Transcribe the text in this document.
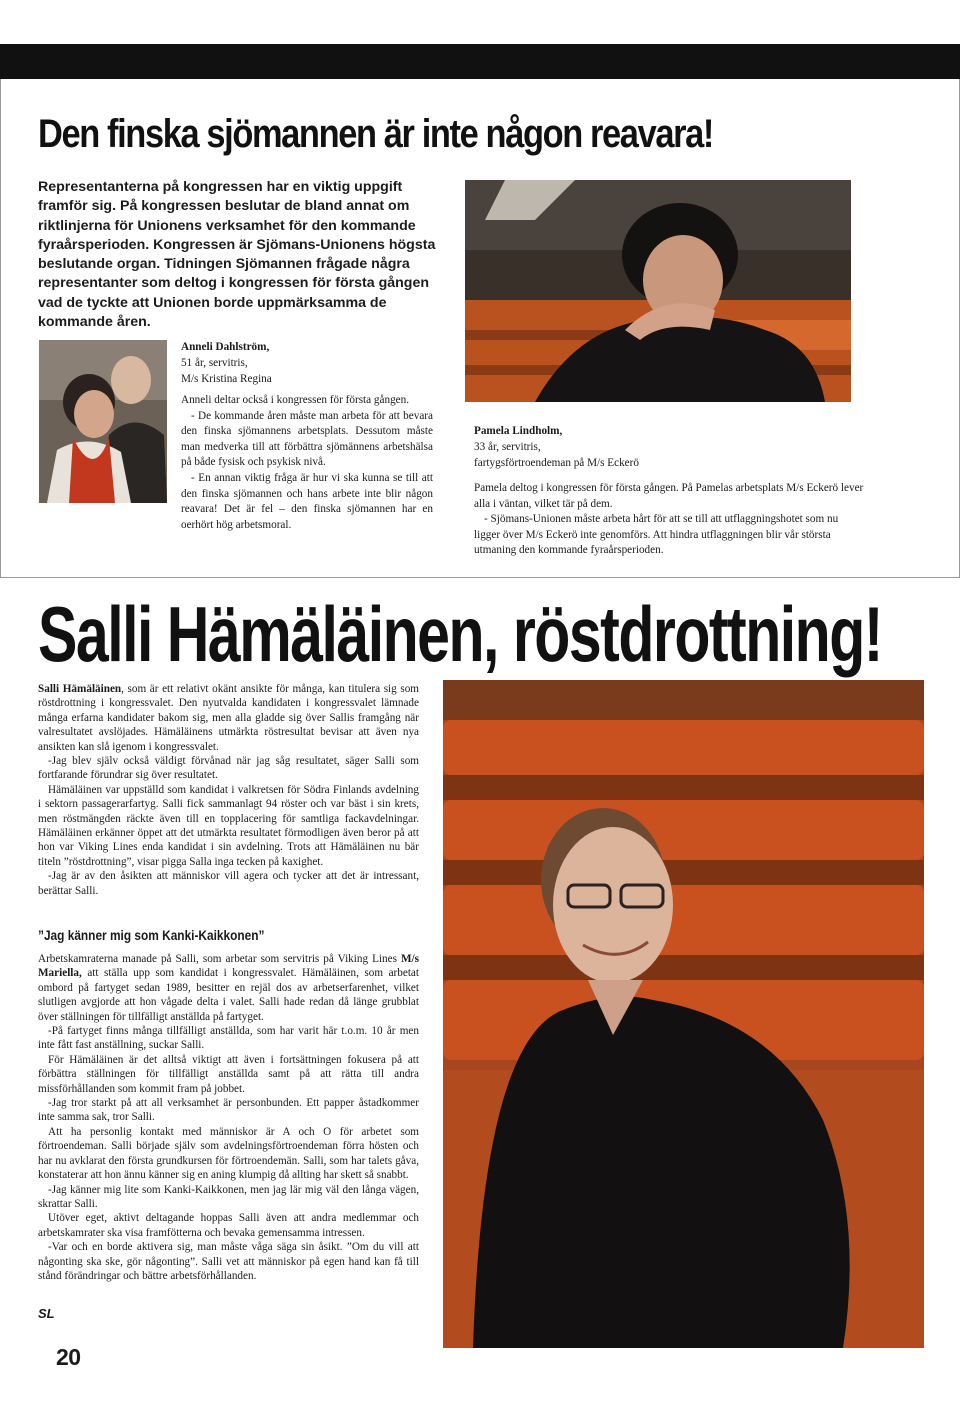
Den finska sjömannen är inte någon reavara!

Representanterna på kongressen har en viktig uppgift framför sig. På kongressen beslutar de bland annat om riktlinjerna för Unionens verksamhet för den kommande fyraårsperioden. Kongressen är Sjömans-Unionens högsta beslutande organ. Tidningen Sjömannen frågade några representanter som deltog i kongressen för första gången vad de tyckte att Unionen borde uppmärksamma de kommande åren.

Anneli Dahlström,
51 år, servitris,
M/s Kristina Regina

Anneli deltar också i kongressen för första gången.

- De kommande åren måste man arbeta för att bevara den finska sjömannens arbetsplats. Dessutom måste man medverka till att förbättra sjömännens arbetshälsa på både fysisk och psykisk nivå.

- En annan viktig fråga är hur vi ska kunna se till att den finska sjömannen och hans arbete inte blir någon reavara! Det är fel – den finska sjömannen har en oerhört hög arbetsmoral.

Pamela Lindholm,
33 år, servitris,
fartygsförtroendeman på M/s Eckerö

Pamela deltog i kongressen för första gången. På Pamelas arbetsplats M/s Eckerö lever alla i väntan, vilket tär på dem.

- Sjömans-Unionen måste arbeta hårt för att se till att utflaggningshotet som nu ligger över M/s Eckerö inte genomförs. Att hindra utflaggningen blir vår största utmaning den kommande fyraårsperioden.

Salli Hämäläinen, röstdrottning!

Salli Hämäläinen, som är ett relativt okänt ansikte för många, kan titulera sig som röstdrottning i kongressvalet. Den nyutvalda kandidaten i kongressvalet lämnade många erfarna kandidater bakom sig, men alla gladde sig över Sallis framgång när valresultatet avslöjades. Hämäläinens utmärkta röstresultat bevisar att även nya ansikten kan slå igenom i kongressvalet.

-Jag blev själv också väldigt förvånad när jag såg resultatet, säger Salli som fortfarande förundrar sig över resultatet.

Hämäläinen var uppställd som kandidat i valkretsen för Södra Finlands avdelning i sektorn passagerarfartyg. Salli fick sammanlagt 94 röster och var bäst i sin krets, men röstmängden räckte även till en topplacering för samtliga fackavdelningar. Hämäläinen erkänner öppet att det utmärkta resultatet förmodligen även beror på att hon var Viking Lines enda kandidat i sin avdelning. Trots att Hämäläinen nu bär titeln ”röstdrottning”, visar pigga Salla inga tecken på kaxighet.

-Jag är av den åsikten att människor vill agera och tycker att det är intressant, berättar Salli.

”Jag känner mig som Kanki-Kaikkonen”

Arbetskamraterna manade på Salli, som arbetar som servitris på Viking Lines M/s Mariella, att ställa upp som kandidat i kongressvalet. Hämäläinen, som arbetat ombord på fartyget sedan 1989, besitter en rejäl dos av arbetserfarenhet, vilket slutligen avgjorde att hon vågade delta i valet. Salli hade redan då länge grubblat över ställningen för tillfälligt anställda på fartyget.

-På fartyget finns många tillfälligt anställda, som har varit här t.o.m. 10 år men inte fått fast anställning, suckar Salli.

För Hämäläinen är det alltså viktigt att även i fortsättningen fokusera på att förbättra ställningen för tillfälligt anställda samt på att rätta till andra missförhållanden som kommit fram på jobbet.

-Jag tror starkt på att all verksamhet är personbunden. Ett papper åstadkommer inte samma sak, tror Salli.

Att ha personlig kontakt med människor är A och O för arbetet som förtroendeman. Salli började själv som avdelningsförtroendeman förra hösten och har nu avklarat den första grundkursen för förtroendemän. Salli, som har talets gåva, konstaterar att hon ännu känner sig en aning klumpig då allting har skett så snabbt.

-Jag känner mig lite som Kanki-Kaikkonen, men jag lär mig väl den långa vägen, skrattar Salli.

Utöver eget, aktivt deltagande hoppas Salli även att andra medlemmar och arbetskamrater ska visa framfötterna och bevaka gemensamma intressen.

-Var och en borde aktivera sig, man måste våga säga sin åsikt. ”Om du vill att någonting ska ske, gör någonting”. Salli vet att människor på egen hand kan få till stånd förändringar och bättre arbetsförhållanden.

SL

20
